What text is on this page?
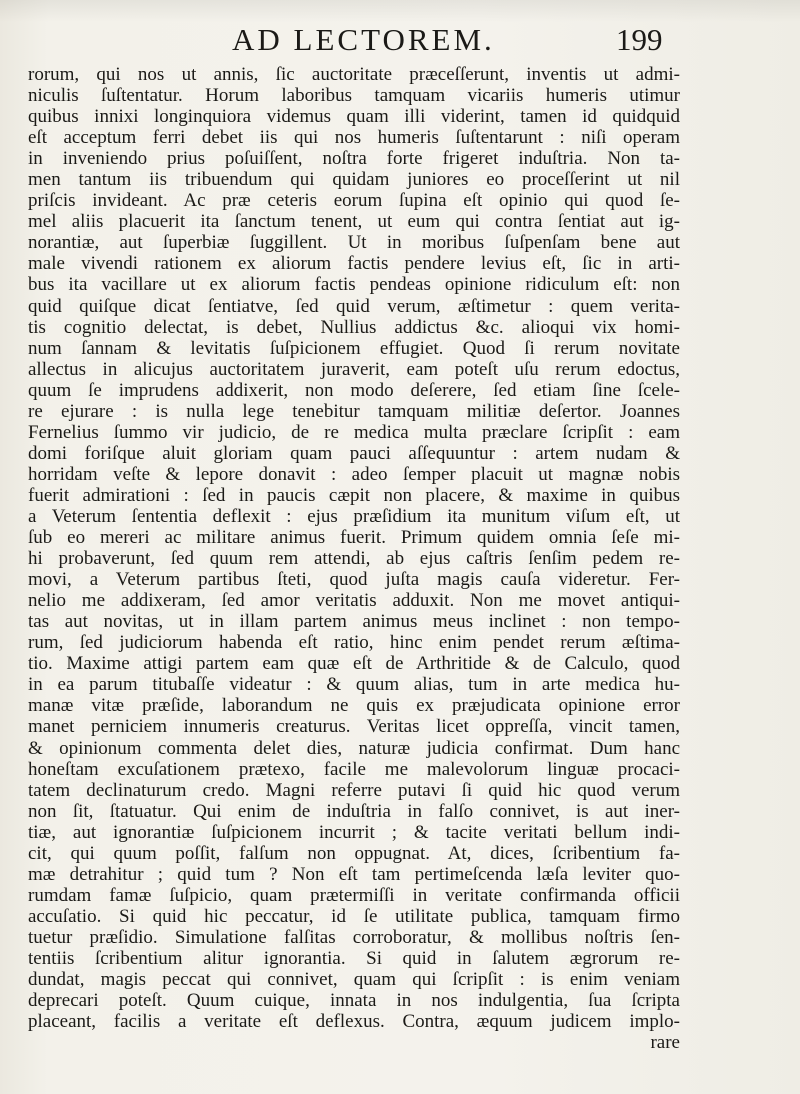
AD LECTOREM.	199
rorum, qui nos ut annis, ſic auctoritate præceſſerunt, inventis ut admi-
niculis ſuſtentatur. Horum laboribus tamquam vicariis humeris utimur
quibus innixi longinquiora videmus quam illi viderint, tamen id quidquid
eſt acceptum ferri debet iis qui nos humeris ſuſtentarunt : niſi operam
in inveniendo prius poſuiſſent, noſtra forte frigeret induſtria. Non ta-
men tantum iis tribuendum qui quidam juniores eo proceſſerint ut nil
priſcis invideant. Ac præ ceteris eorum ſupina eſt opinio qui quod ſe-
mel aliis placuerit ita ſanctum tenent, ut eum qui contra ſentiat aut ig-
norantiæ, aut ſuperbiæ ſuggillent. Ut in moribus ſuſpenſam bene aut
male vivendi rationem ex aliorum factis pendere levius eſt, ſic in arti-
bus ita vacillare ut ex aliorum factis pendeas opinione ridiculum eſt: non
quid quiſque dicat ſentiatve, ſed quid verum, æſtimetur : quem verita-
tis cognitio delectat, is debet, Nullius addictus &c. alioqui vix homi-
num ſannam & levitatis ſuſpicionem effugiet. Quod ſi rerum novitate
allectus in alicujus auctoritatem juraverit, eam poteſt uſu rerum edoctus,
quum ſe imprudens addixerit, non modo deſerere, ſed etiam ſine ſcele-
re ejurare : is nulla lege tenebitur tamquam militiæ deſertor. Joannes
Fernelius ſummo vir judicio, de re medica multa præclare ſcripſit : eam
domi foriſque aluit gloriam quam pauci aſſequuntur : artem nudam &
horridam veſte & lepore donavit : adeo ſemper placuit ut magnæ nobis
fuerit admirationi : ſed in paucis cæpit non placere, & maxime in quibus
a Veterum ſententia deflexit : ejus præſidium ita munitum viſum eſt, ut
ſub eo mereri ac militare animus fuerit. Primum quidem omnia ſeſe mi-
hi probaverunt, ſed quum rem attendi, ab ejus caſtris ſenſim pedem re-
movi, a Veterum partibus ſteti, quod juſta magis cauſa videretur. Fer-
nelio me addixeram, ſed amor veritatis adduxit. Non me movet antiqui-
tas aut novitas, ut in illam partem animus meus inclinet : non tempo-
rum, ſed judiciorum habenda eſt ratio, hinc enim pendet rerum æſtima-
tio. Maxime attigi partem eam quæ eſt de Arthritide & de Calculo, quod
in ea parum titubaſſe videatur : & quum alias, tum in arte medica hu-
manæ vitæ præſide, laborandum ne quis ex præjudicata opinione error
manet perniciem innumeris creaturus. Veritas licet oppreſſa, vincit tamen,
& opinionum commenta delet dies, naturæ judicia confirmat. Dum hanc
honeſtam excuſationem prætexo, facile me malevolorum linguæ procaci-
tatem declinaturum credo. Magni referre putavi ſi quid hic quod verum
non ſit, ſtatuatur. Qui enim de induſtria in falſo connivet, is aut iner-
tiæ, aut ignorantiæ ſuſpicionem incurrit ; & tacite veritati bellum indi-
cit, qui quum poſſit, falſum non oppugnat. At, dices, ſcribentium fa-
mæ detrahitur ; quid tum ? Non eſt tam pertimeſcenda læſa leviter quo-
rumdam famæ ſuſpicio, quam prætermiſſi in veritate confirmanda officii
accuſatio. Si quid hic peccatur, id ſe utilitate publica, tamquam firmo
tuetur præſidio. Simulatione falſitas corroboratur, & mollibus noſtris ſen-
tentiis ſcribentium alitur ignorantia. Si quid in ſalutem ægrorum re-
dundat, magis peccat qui connivet, quam qui ſcripſit : is enim veniam
deprecari poteſt. Quum cuique, innata in nos indulgentia, ſua ſcripta
placeant, facilis a veritate eſt deflexus. Contra, æquum judicem implo-
rare
